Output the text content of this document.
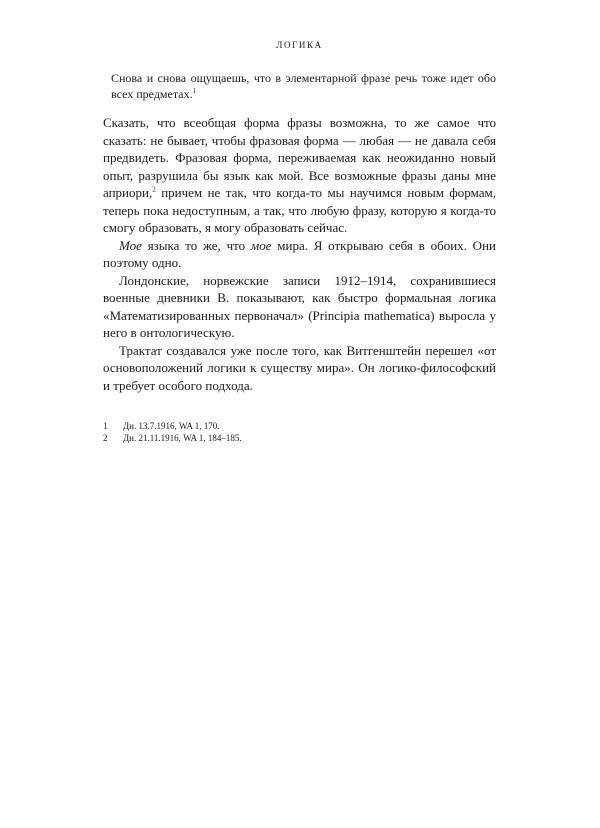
ЛОГИКА
Снова и снова ощущаешь, что в элементарной фразе речь тоже идет обо всех предметах.$^1$

Сказать, что всеобщая форма фразы возможна, то же самое что сказать: не бывает, чтобы фразовая форма — любая — не давала себя предвидеть. Фразовая форма, переживаемая как неожиданно новый опыт, разрушила бы язык как мой. Все возможные фразы даны мне априори,$^2$ причем не так, что когда-то мы научимся новым формам, теперь пока недоступным, а так, что любую фразу, которую я когда-то смогу образовать, я могу образовать сейчас.

Мое языка то же, что мое мира. Я открываю себя в обоих. Они поэтому одно.

Лондонские, норвежские записи 1912–1914, сохранившиеся военные дневники В. показывают, как быстро формальная логика «Математизированных первоначал» (Principia mathematica) выросла у него в онтологическую.

Трактат создавался уже после того, как Витгенштейн перешел «от основоположений логики к существу мира». Он логико-философский и требует особого подхода.

1	Дн. 13.7.1916, WA 1, 170.
2	Дн. 21.11.1916, WA 1, 184–185.
